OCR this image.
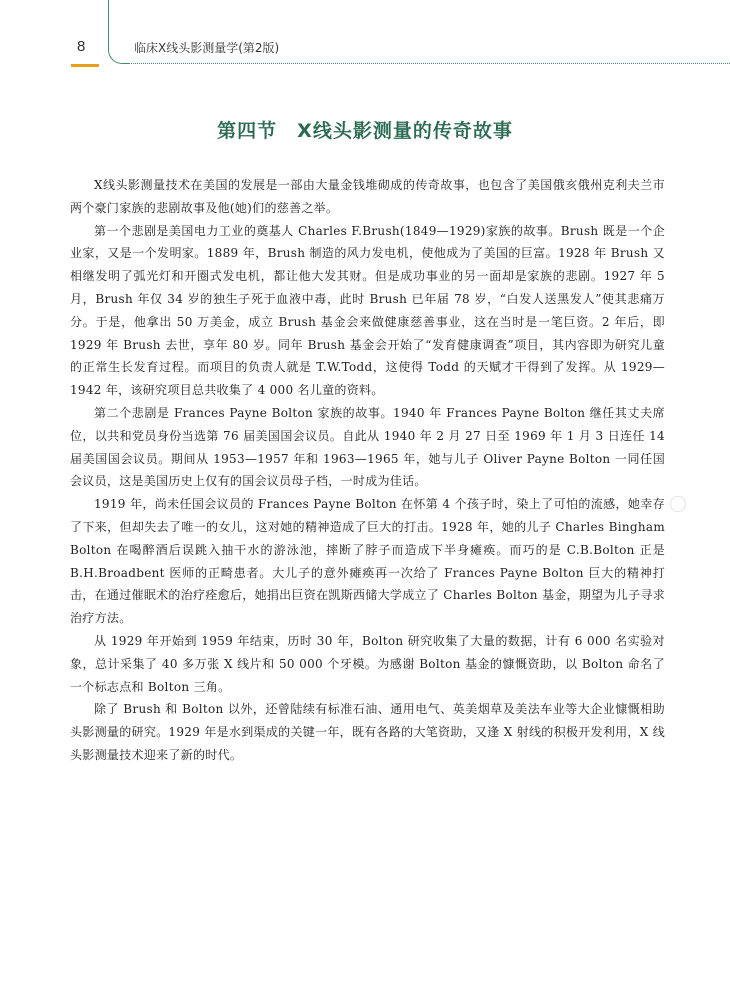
8	临床X线头影测量学(第2版)
第四节　X线头影测量的传奇故事

X线头影测量技术在美国的发展是一部由大量金钱堆砌成的传奇故事，也包含了美国俄亥俄州克利夫兰市两个豪门家族的悲剧故事及他(她)们的慈善之举。

第一个悲剧是美国电力工业的奠基人 Charles F.Brush(1849—1929)家族的故事。Brush 既是一个企业家，又是一个发明家。1889 年，Brush 制造的风力发电机，使他成为了美国的巨富。1928 年 Brush 又相继发明了弧光灯和开圈式发电机，都让他大发其财。但是成功事业的另一面却是家族的悲剧。1927 年 5 月，Brush 年仅 34 岁的独生子死于血液中毒，此时 Brush 已年届 78 岁，“白发人送黑发人”使其悲痛万分。于是，他拿出 50 万美金，成立 Brush 基金会来做健康慈善事业，这在当时是一笔巨资。2 年后，即 1929 年 Brush 去世，享年 80 岁。同年 Brush 基金会开始了“发育健康调查”项目，其内容即为研究儿童的正常生长发育过程。而项目的负责人就是 T.W.Todd，这使得 Todd 的天赋才干得到了发挥。从 1929—1942 年，该研究项目总共收集了 4 000 名儿童的资料。

第二个悲剧是 Frances Payne Bolton 家族的故事。1940 年 Frances Payne Bolton 继任其丈夫席位，以共和党员身份当选第 76 届美国国会议员。自此从 1940 年 2 月 27 日至 1969 年 1 月 3 日连任 14 届美国国会议员。期间从 1953—1957 年和 1963—1965 年，她与儿子 Oliver Payne Bolton 一同任国会议员，这是美国历史上仅有的国会议员母子档，一时成为佳话。

1919 年，尚未任国会议员的 Frances Payne Bolton 在怀第 4 个孩子时，染上了可怕的流感，她幸存了下来，但却失去了唯一的女儿，这对她的精神造成了巨大的打击。1928 年，她的儿子 Charles Bingham Bolton 在喝醉酒后误跳入抽干水的游泳池，摔断了脖子而造成下半身瘫痪。而巧的是 C.B.Bolton 正是 B.H.Broadbent 医师的正畸患者。大儿子的意外瘫痪再一次给了 Frances Payne Bolton 巨大的精神打击，在通过催眠术的治疗痊愈后，她捐出巨资在凯斯西储大学成立了 Charles Bolton 基金，期望为儿子寻求治疗方法。

从 1929 年开始到 1959 年结束，历时 30 年，Bolton 研究收集了大量的数据，计有 6 000 名实验对象，总计采集了 40 多万张 X 线片和 50 000 个牙模。为感谢 Bolton 基金的慷慨资助，以 Bolton 命名了一个标志点和 Bolton 三角。

除了 Brush 和 Bolton 以外，还曾陆续有标准石油、通用电气、英美烟草及美法车业等大企业慷慨相助头影测量的研究。1929 年是水到渠成的关键一年，既有各路的大笔资助，又逢 X 射线的积极开发利用，X 线头影测量技术迎来了新的时代。
